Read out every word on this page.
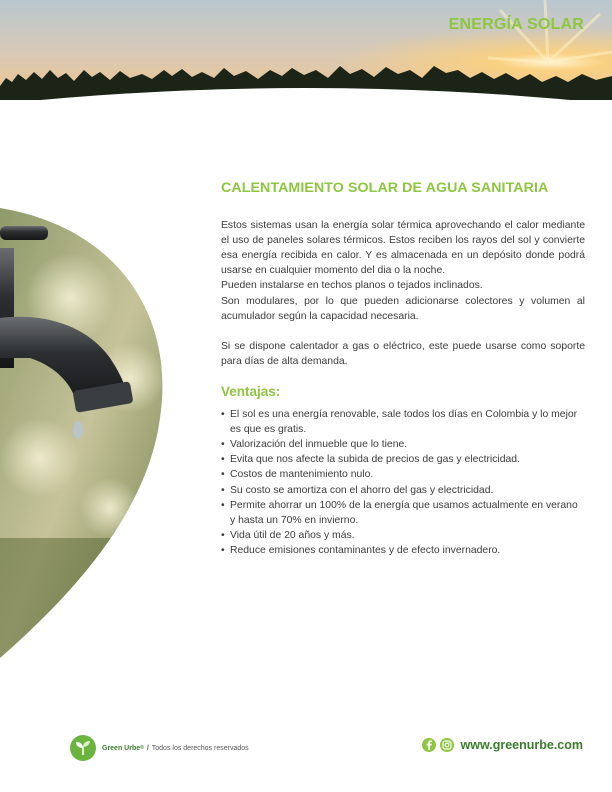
ENERGÍA SOLAR
CALENTAMIENTO SOLAR DE AGUA SANITARIA

Estos sistemas usan la energía solar térmica aprovechando el calor mediante el uso de paneles solares térmicos. Estos reciben los rayos del sol y convierte esa energía recibida en calor. Y es almacenada en un depósito donde podrá usarse en cualquier momento del dia o la noche.

Pueden instalarse en techos planos o tejados inclinados.

Son modulares, por lo que pueden adicionarse colectores y volumen al acumulador según la capacidad necesaria.

Si se dispone calentador a gas o eléctrico, este puede usarse como soporte para días de alta demanda.

Ventajas:
• El sol es una energía renovable, sale todos los días en Colombia y lo mejor es que es gratis.
• Valorización del inmueble que lo tiene.
• Evita que nos afecte la subida de precios de gas y electricidad.
• Costos de mantenimiento nulo.
• Su costo se amortiza con el ahorro del gas y electricidad.
• Permite ahorrar un 100% de la energía que usamos actualmente en verano y hasta un 70% en invierno.
• Vida útil de 20 años y más.
• Reduce emisiones contaminantes y de efecto invernadero.
Green Urbe ® / Todos los derechos reservados	www.greenurbe.com
